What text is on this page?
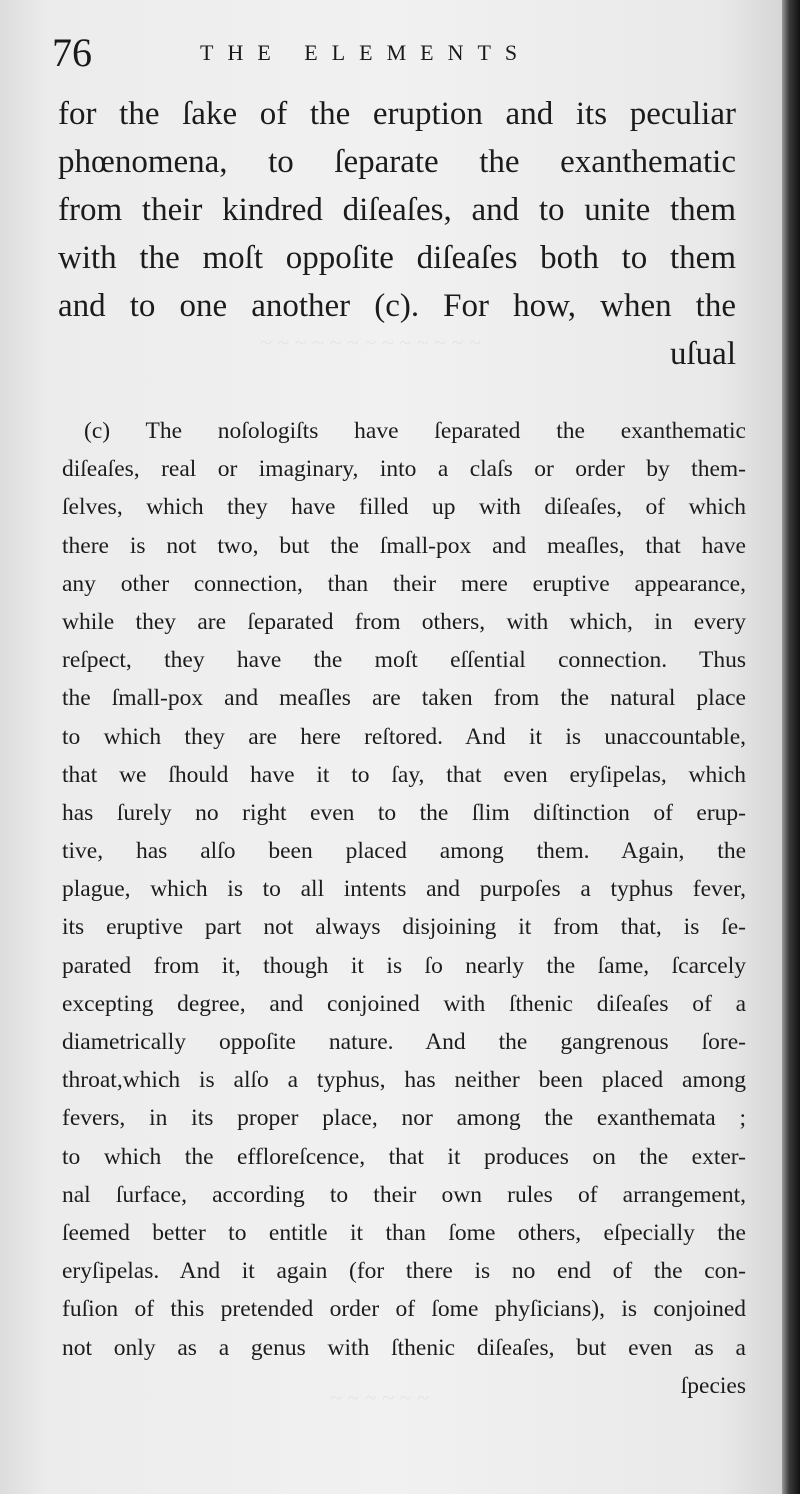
~ ~ ~ ~ ~ ~ ~ ~ ~ ~ ~ ~ ~
~ ~ ~ ~ ~ ~
76	THE ELEMENTS
for the ſake of the eruption and its peculiar
phœnomena, to ſeparate the exanthematic
from their kindred diſeaſes, and to unite them
with the moſt oppoſite diſeaſes both to them
and to one another (c). For how, when the
uſual
(c) The noſologiſts have ſeparated the exanthematic
diſeaſes, real or imaginary, into a claſs or order by them-
ſelves, which they have filled up with diſeaſes, of which
there is not two, but the ſmall-pox and meaſles, that have
any other connection, than their mere eruptive appearance,
while they are ſeparated from others, with which, in every
reſpect, they have the moſt eſſential connection. Thus
the ſmall-pox and meaſles are taken from the natural place
to which they are here reſtored. And it is unaccountable,
that we ſhould have it to ſay, that even eryſipelas, which
has ſurely no right even to the ſlim diſtinction of erup-
tive, has alſo been placed among them. Again, the
plague, which is to all intents and purpoſes a typhus fever,
its eruptive part not always disjoining it from that, is ſe-
parated from it, though it is ſo nearly the ſame, ſcarcely
excepting degree, and conjoined with ſthenic diſeaſes of a
diametrically oppoſite nature. And the gangrenous ſore-
throat,which is alſo a typhus, has neither been placed among
fevers, in its proper place, nor among the exanthemata ;
to which the effloreſcence, that it produces on the exter-
nal ſurface, according to their own rules of arrangement,
ſeemed better to entitle it than ſome others, eſpecially the
eryſipelas. And it again (for there is no end of the con-
fuſion of this pretended order of ſome phyſicians), is conjoined
not only as a genus with ſthenic diſeaſes, but even as a
ſpecies
